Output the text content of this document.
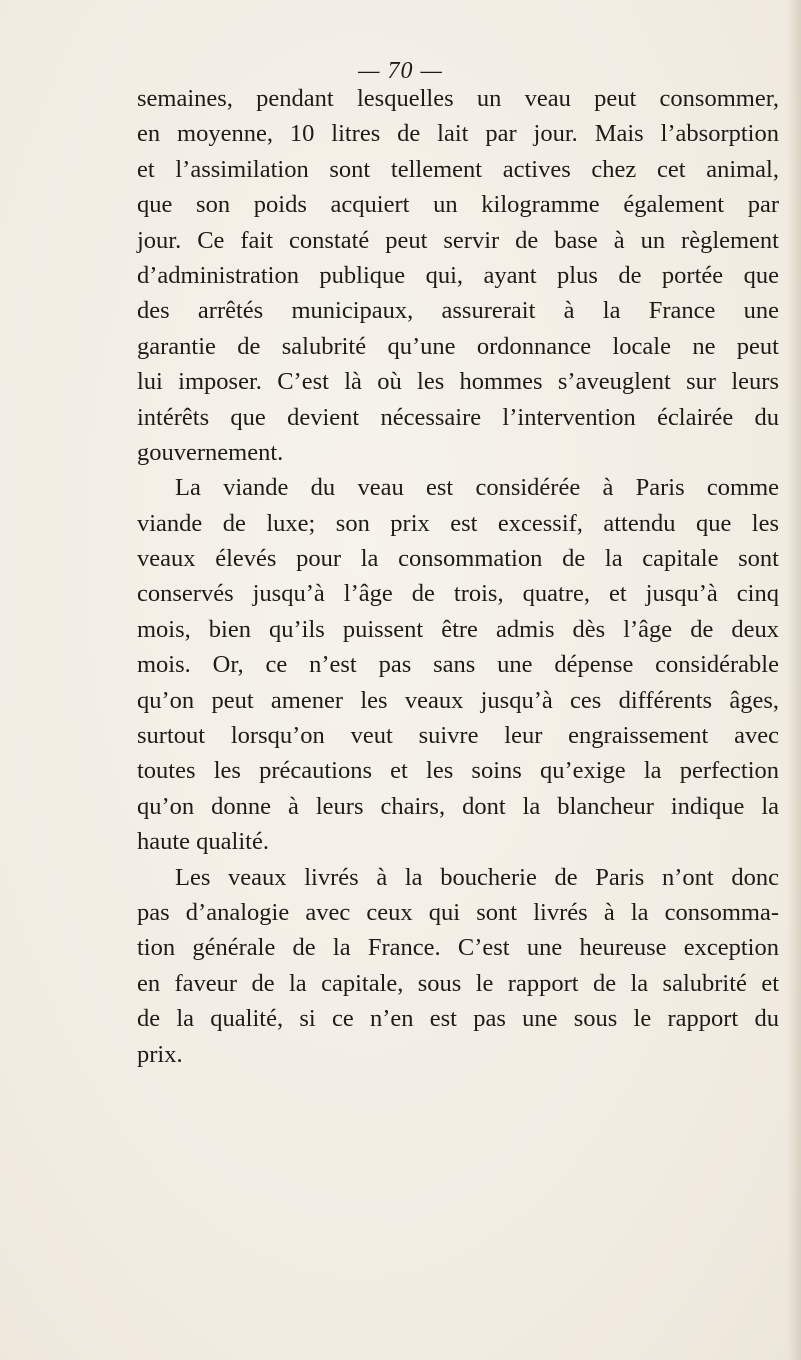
— 70 —
semaines, pendant lesquelles un veau peut consommer,
en moyenne, 10 litres de lait par jour. Mais l’absorption
et l’assimilation sont tellement actives chez cet animal,
que son poids acquiert un kilogramme également par
jour. Ce fait constaté peut servir de base à un règlement
d’administration publique qui, ayant plus de portée que
des arrêtés municipaux, assurerait à la France une
garantie de salubrité qu’une ordonnance locale ne peut
lui imposer. C’est là où les hommes s’aveuglent sur leurs
intérêts que devient nécessaire l’intervention éclairée du
gouvernement.
La viande du veau est considérée à Paris comme
viande de luxe; son prix est excessif, attendu que les
veaux élevés pour la consommation de la capitale sont
conservés jusqu’à l’âge de trois, quatre, et jusqu’à cinq
mois, bien qu’ils puissent être admis dès l’âge de deux
mois. Or, ce n’est pas sans une dépense considérable
qu’on peut amener les veaux jusqu’à ces différents âges,
surtout lorsqu’on veut suivre leur engraissement avec
toutes les précautions et les soins qu’exige la perfection
qu’on donne à leurs chairs, dont la blancheur indique la
haute qualité.
Les veaux livrés à la boucherie de Paris n’ont donc
pas d’analogie avec ceux qui sont livrés à la consomma-
tion générale de la France. C’est une heureuse exception
en faveur de la capitale, sous le rapport de la salubrité et
de la qualité, si ce n’en est pas une sous le rapport du
prix.
